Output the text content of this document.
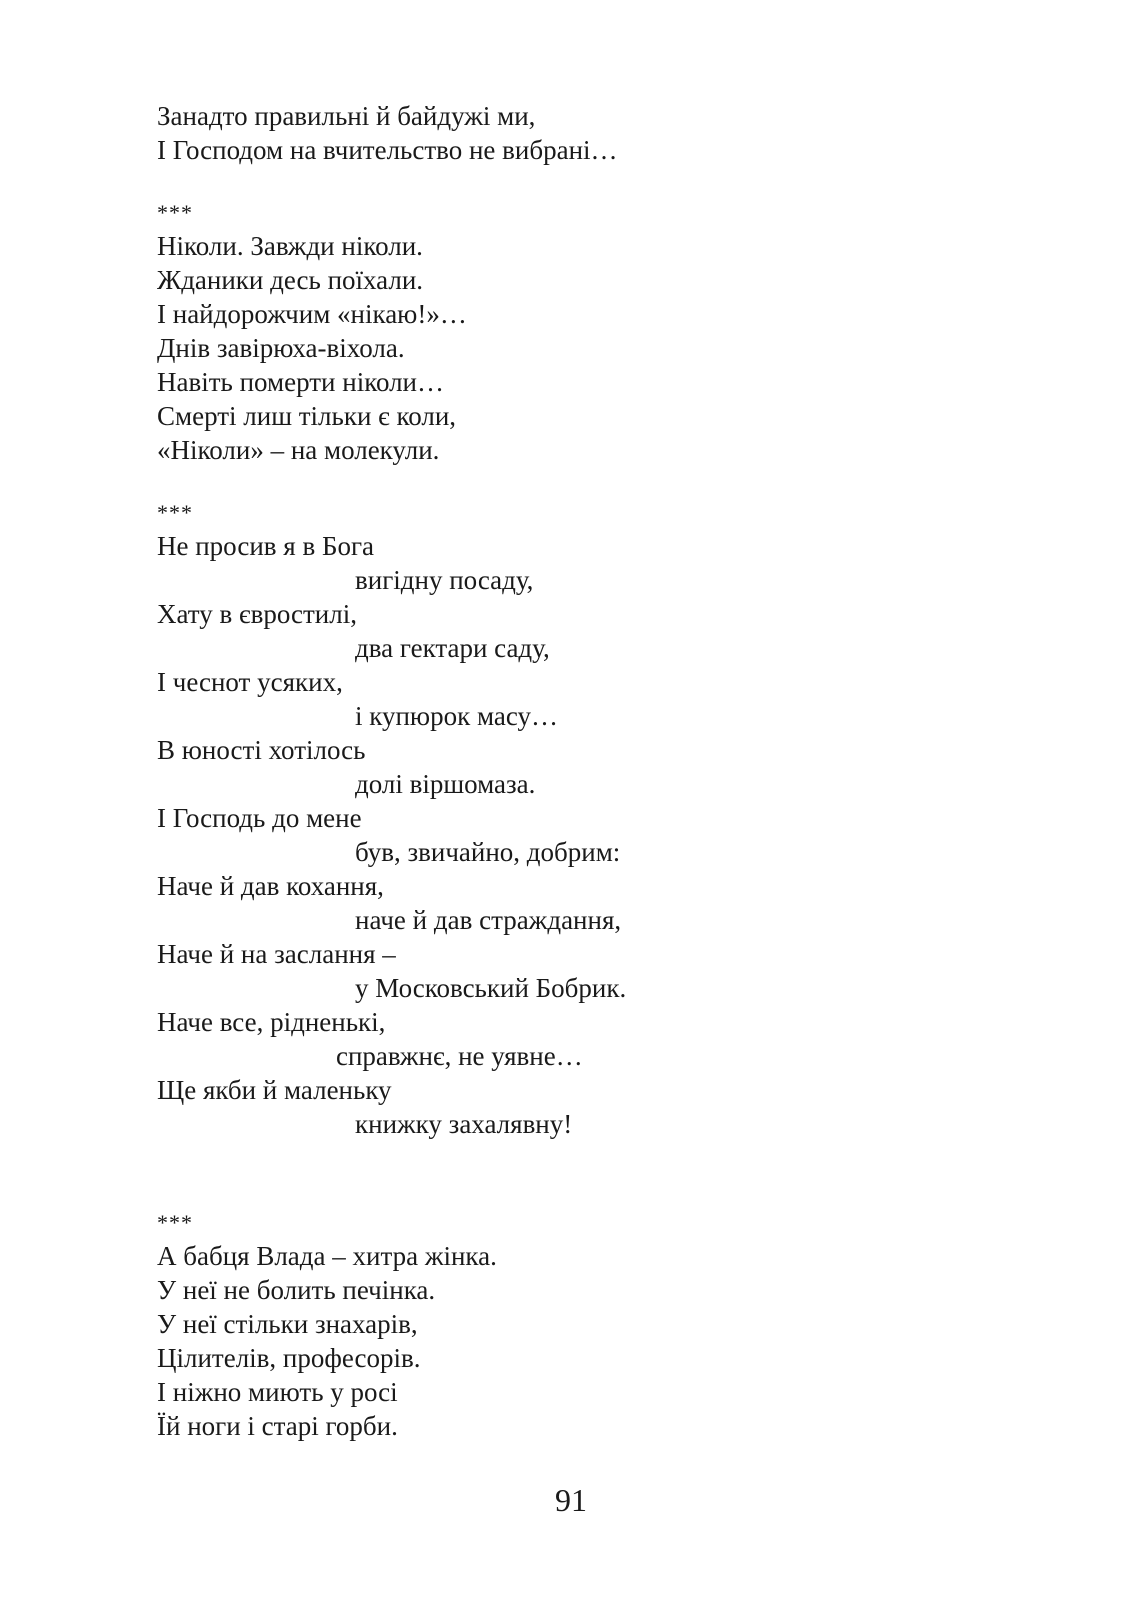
Занадто правильні й байдужі ми,
І Господом на вчительство не вибрані…
***
Ніколи. Завжди ніколи.
Жданики десь поїхали.
І найдорожчим «нікаю!»…
Днів завірюха-віхола.
Навіть померти ніколи…
Смерті лиш тільки є коли,
«Ніколи» – на молекули.
***
Не просив я в Бога
вигідну посаду,
Хату в євростилі,
два гектари саду,
І чеснот усяких,
і купюрок масу…
В юності хотілось
долі віршомаза.
І Господь до мене
був, звичайно, добрим:
Наче й дав кохання,
наче й дав страждання,
Наче й на заслання –
у Московський Бобрик.
Наче все, рідненькі,
справжнє, не уявне…
Ще якби й маленьку
книжку захалявну!
***
А бабця Влада – хитра жінка.
У неї не болить печінка.
У неї стільки знахарів,
Цілителів, професорів.
І ніжно миють у росі
Їй ноги і старі горби.
91
